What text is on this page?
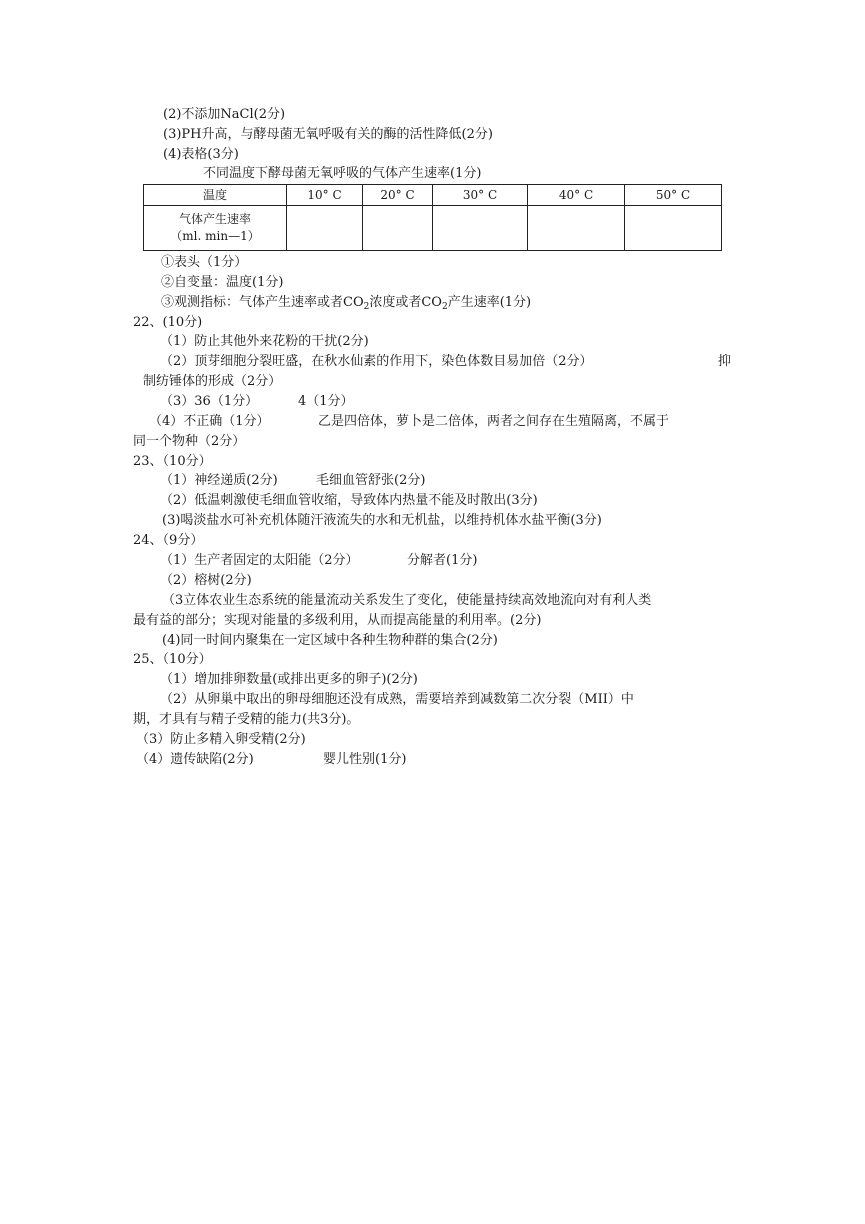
(2)不添加NaCl(2分)
(3)PH升高，与酵母菌无氧呼吸有关的酶的活性降低(2分)
(4)表格(3分)
不同温度下酵母菌无氧呼吸的气体产生速率(1分)
温度	10° C	20° C	30° C	40° C	50° C

气体产生速率
（ml. min—1）					

①表头（1分）
②自变量：温度(1分)
③观测指标：气体产生速率或者$CO_2$浓度或者$CO_2$产生速率(1分)
22、(10分)
（1）防止其他外来花粉的干扰(2分)
（2）顶芽细胞分裂旺盛，在秋水仙素的作用下，染色体数目易加倍（2分）	抑
制纺锤体的形成（2分）
（3）36（1分）	4（1分）
（4）不正确（1分）	乙是四倍体，萝卜是二倍体，两者之间存在生殖隔离，不属于
同一个物种（2分）
23、（10分）
（1）神经递质(2分)	毛细血管舒张(2分)
（2）低温刺激使毛细血管收缩，导致体内热量不能及时散出(3分)
(3)喝淡盐水可补充机体随汗液流失的水和无机盐，以维持机体水盐平衡(3分)
24、（9分）
（1）生产者固定的太阳能（2分）	分解者(1分)
（2）榕树(2分)
（3立体农业生态系统的能量流动关系发生了变化，使能量持续高效地流向对有利人类
最有益的部分；实现对能量的多级利用，从而提高能量的利用率。(2分)
(4)同一时间内聚集在一定区域中各种生物种群的集合(2分)
25、（10分）
（1）增加排卵数量(或排出更多的卵子)(2分)
（2）从卵巢中取出的卵母细胞还没有成熟，需要培养到减数第二次分裂（MII）中
期，才具有与精子受精的能力(共3分)。
（3）防止多精入卵受精(2分)
（4）遗传缺陷(2分)	婴儿性别(1分)
